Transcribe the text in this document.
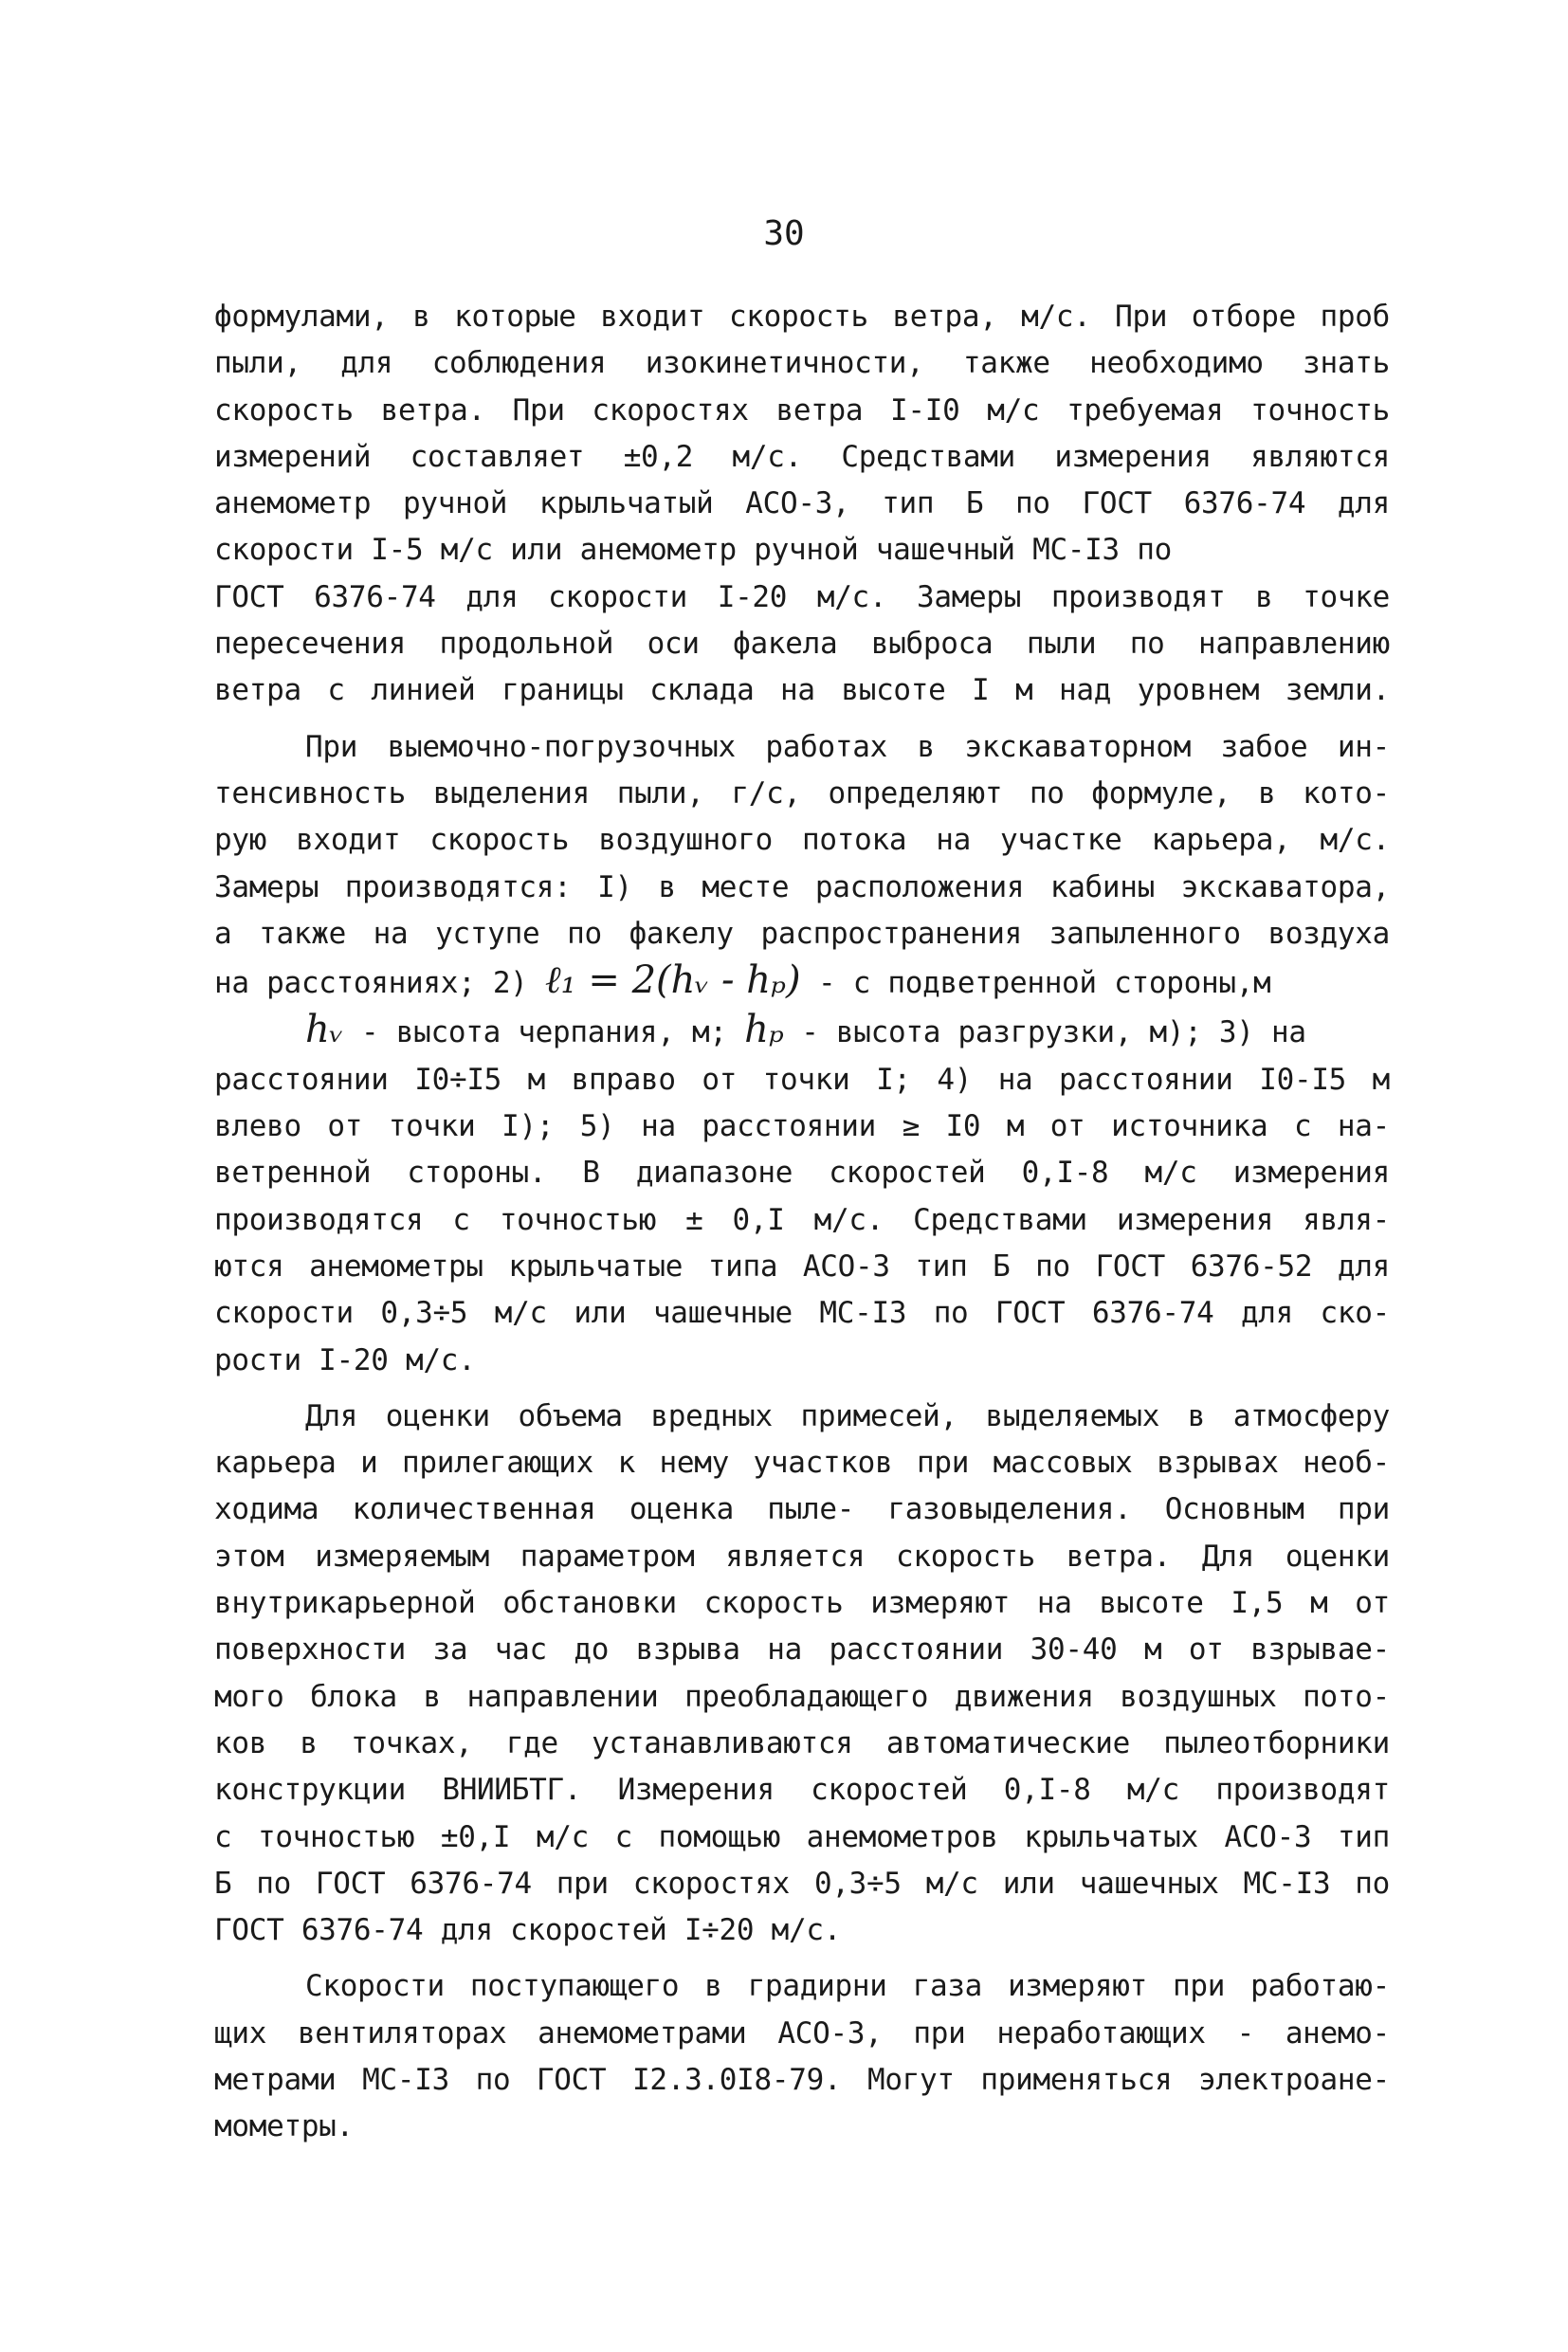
30
формулами, в которые входит скорость ветра, м/с. При отборе проб
пыли, для соблюдения изокинетичности, также необходимо знать
скорость ветра. При скоростях ветра I-I0 м/с требуемая точность
измерений составляет ±0,2 м/с. Средствами измерения являются
анемометр ручной крыльчатый АСО-3, тип Б по ГОСТ 6376-74 для
скорости I-5 м/с или анемометр ручной чашечный МС-I3 по
ГОСТ 6376-74 для скорости I-20 м/с. Замеры производят в точке
пересечения продольной оси факела выброса пыли по направлению
ветра с линией границы склада на высоте I м над уровнем земли.
При выемочно-погрузочных работах в экскаваторном забое ин-
тенсивность выделения пыли, г/с, определяют по формуле, в кото-
рую входит скорость воздушного потока на участке карьера, м/с.
Замеры производятся: I) в месте расположения кабины экскаватора,
а также на уступе по факелу распространения запыленного воздуха
на расстояниях; 2) ℓ₁ = 2(hᵥ - hₚ) - с подветренной стороны,м
hᵥ - высота черпания, м; hₚ - высота разгрузки, м); 3) на
расстоянии I0÷I5 м вправо от точки I; 4) на расстоянии I0-I5 м
влево от точки I); 5) на расстоянии ≥ I0 м от источника с на-
ветренной стороны. В диапазоне скоростей 0,I-8 м/с измерения
производятся с точностью ± 0,I м/с. Средствами измерения явля-
ются анемометры крыльчатые типа АСО-3 тип Б по ГОСТ 6376-52 для
скорости 0,3÷5 м/с или чашечные МС-I3 по ГОСТ 6376-74 для ско-
рости I-20 м/с.
Для оценки объема вредных примесей, выделяемых в атмосферу
карьера и прилегающих к нему участков при массовых взрывах необ-
ходима количественная оценка пыле- газовыделения. Основным при
этом измеряемым параметром является скорость ветра. Для оценки
внутрикарьерной обстановки скорость измеряют на высоте I,5 м от
поверхности за час до взрыва на расстоянии 30-40 м от взрывае-
мого блока в направлении преобладающего движения воздушных пото-
ков в точках, где устанавливаются автоматические пылеотборники
конструкции ВНИИБТГ. Измерения скоростей 0,I-8 м/с производят
с точностью ±0,I м/с с помощью анемометров крыльчатых АСО-3 тип
Б по ГОСТ 6376-74 при скоростях 0,3÷5 м/с или чашечных МС-I3 по
ГОСТ 6376-74 для скоростей I÷20 м/с.
Скорости поступающего в градирни газа измеряют при работаю-
щих вентиляторах анемометрами АСО-3, при неработающих - анемо-
метрами МС-I3 по ГОСТ I2.3.0I8-79. Могут применяться электроане-
мометры.
